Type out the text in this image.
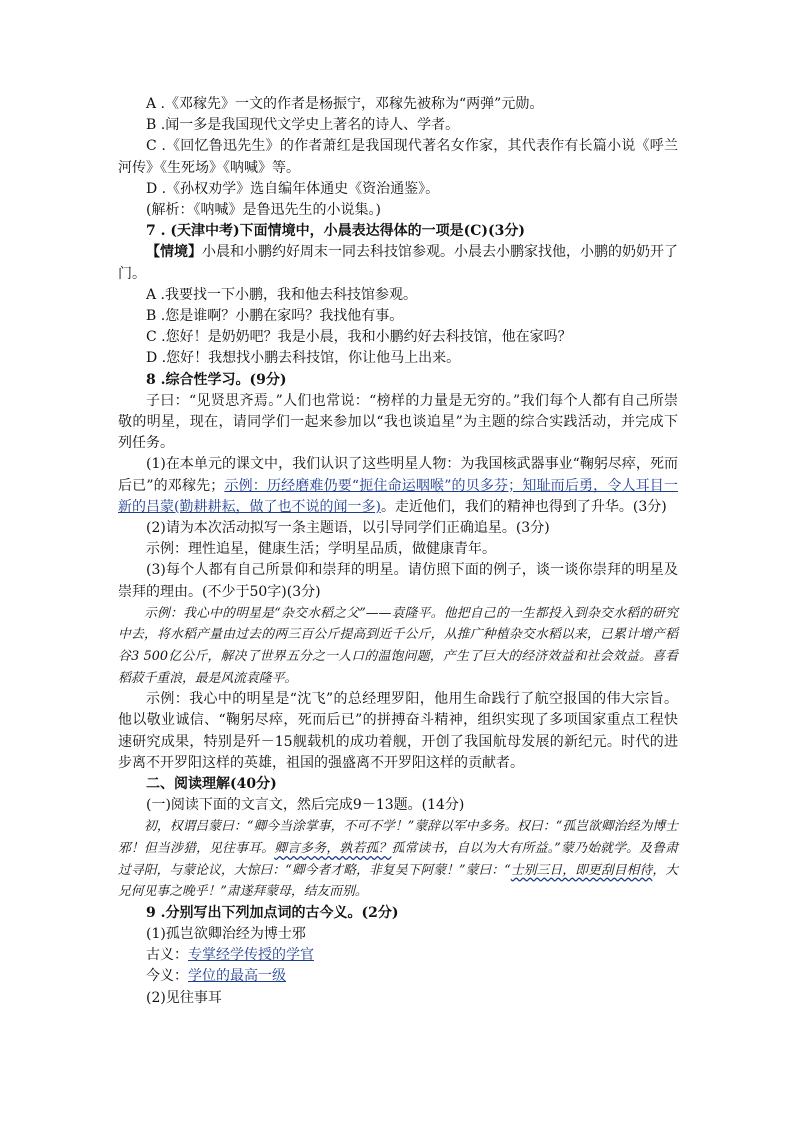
A .《邓稼先》一文的作者是杨振宁，邓稼先被称为“两弹”元勋。
B .闻一多是我国现代文学史上著名的诗人、学者。
C .《回忆鲁迅先生》的作者萧红是我国现代著名女作家，其代表作有长篇小说《呼兰河传》《生死场》《呐喊》等。
D .《孙权劝学》选自编年体通史《资治通鉴》。
(解析：《呐喊》是鲁迅先生的小说集。)
7 . (天津中考)下面情境中，小晨表达得体的一项是(C)(3分)
【情境】小晨和小鹏约好周末一同去科技馆参观。小晨去小鹏家找他，小鹏的奶奶开了门。
A .我要找一下小鹏，我和他去科技馆参观。
B .您是谁啊？小鹏在家吗？我找他有事。
C .您好！是奶奶吧？我是小晨，我和小鹏约好去科技馆，他在家吗？
D .您好！我想找小鹏去科技馆，你让他马上出来。
8 .综合性学习。(9分)
子曰：“见贤思齐焉。”人们也常说：“榜样的力量是无穷的。”我们每个人都有自己所崇敬的明星，现在，请同学们一起来参加以“我也谈追星”为主题的综合实践活动，并完成下列任务。
(1)在本单元的课文中，我们认识了这些明星人物：为我国核武器事业“鞠躬尽瘁，死而后已”的邓稼先；示例：历经磨难仍要“扼住命运咽喉”的贝多芬；知耻而后勇，令人耳目一新的吕蒙(勤耕耕耘，做了也不说的闻一多)。走近他们，我们的精神也得到了升华。(3分)
(2)请为本次活动拟写一条主题语，以引导同学们正确追星。(3分)
示例：理性追星，健康生活；学明星品质，做健康青年。
(3)每个人都有自己所景仰和崇拜的明星。请仿照下面的例子，谈一谈你崇拜的明星及崇拜的理由。(不少于50字)(3分)
示例：我心中的明星是“杂交水稻之父”——袁隆平。他把自己的一生都投入到杂交水稻的研究中去，将水稻产量由过去的两三百公斤提高到近千公斤，从推广种植杂交水稻以来，已累计增产稻谷3 500亿公斤，解决了世界五分之一人口的温饱问题，产生了巨大的经济效益和社会效益。喜看稻菽千重浪，最是风流袁隆平。
示例：我心中的明星是“沈飞”的总经理罗阳，他用生命践行了航空报国的伟大宗旨。他以敬业诚信、“鞠躬尽瘁，死而后已”的拼搏奋斗精神，组织实现了多项国家重点工程快速研究成果，特别是歼－15舰载机的成功着舰，开创了我国航母发展的新纪元。时代的进步离不开罗阳这样的英雄，祖国的强盛离不开罗阳这样的贡献者。
二、阅读理解(40分)
(一)阅读下面的文言文，然后完成9－13题。(14分)
初，权谓吕蒙曰：“卿今当涂掌事，不可不学！”蒙辞以军中多务。权曰：“孤岂欲卿治经为博士邪！但当涉猎，见往事耳。卿言多务，孰若孤？孤常读书，自以为大有所益。”蒙乃始就学。及鲁肃过寻阳，与蒙论议，大惊曰：“卿今者才略，非复吴下阿蒙！”蒙曰：“士别三日，即更刮目相待，大兄何见事之晚乎！”肃遂拜蒙母，结友而别。
9 .分别写出下列加点词的古今义。(2分)
(1)孤岂欲卿治经为博士邪
古义：专掌经学传授的学官
今义：学位的最高一级
(2)见往事耳
